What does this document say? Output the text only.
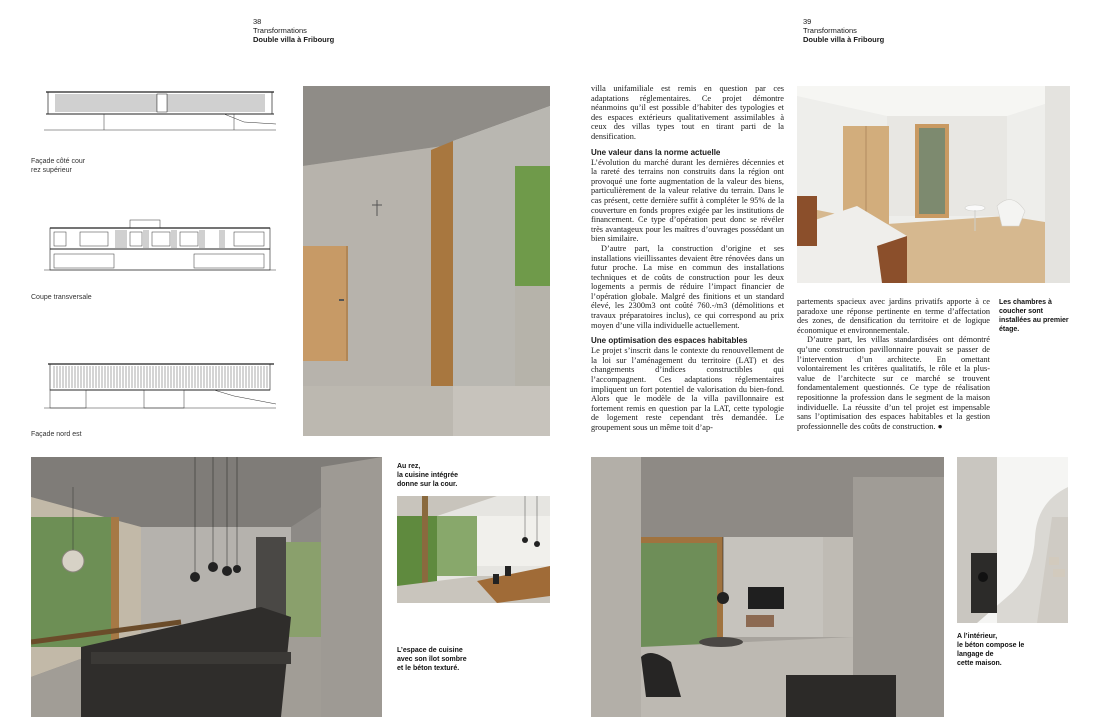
38
Transformations
Double villa à Fribourg
39
Transformations
Double villa à Fribourg
Façade côté cour
rez supérieur
Coupe transversale
Façade nord est
Au rez,
la cuisine intégrée
donne sur la cour.
L’espace de cuisine
avec son îlot sombre
et le béton texturé.

villa unifamiliale est remis en question par ces adaptations réglementaires. Ce projet démontre néanmoins qu’il est possible d’habiter des typologies et des espaces extérieurs qualitativement assimilables à ceux des villas types tout en tirant parti de la densification.

Une valeur dans la norme actuelle

L’évolution du marché durant les dernières décennies et la rareté des terrains non construits dans la région ont provoqué une forte augmentation de la valeur des biens, particulièrement de la valeur relative du terrain. Dans le cas présent, cette dernière suffit à compléter le 95% de la couverture en fonds propres exigée par les institutions de financement. Ce type d’opération peut donc se révéler très avantageux pour les maîtres d’ouvrages possédant un bien similaire.

D’autre part, la construction d’origine et ses installations vieillissantes devaient être rénovées dans un futur proche. La mise en commun des installations techniques et de coûts de construction pour les deux logements a permis de réduire l’impact financier de l’opération globale. Malgré des finitions et un standard élevé, les 2300m3 ont coûté 760.-/m3 (démolitions et travaux préparatoires inclus), ce qui correspond au prix moyen d’une villa individuelle actuellement.

Une optimisation des espaces habitables

Le projet s’inscrit dans le contexte du renouvellement de la loi sur l’aménagement du territoire (LAT) et des changements d’indices constructibles qui l’accompagnent. Ces adaptations réglementaires impliquent un fort potentiel de valorisation du bien-fond. Alors que le modèle de la villa pavillonnaire est fortement remis en question par la LAT, cette typologie de logement reste cependant très demandée. Le groupement sous un même toit d’ap-

Les chambres à
coucher sont
installées au premier
étage.

partements spacieux avec jardins privatifs apporte à ce paradoxe une réponse pertinente en terme d’affectation des zones, de densification du territoire et de logique économique et environnementale.

D’autre part, les villas standardisées ont démontré qu’une construction pavillonnaire pouvait se passer de l’intervention d’un architecte. En omettant volontairement les critères qualitatifs, le rôle et la plus-value de l’architecte sur ce marché se trouvent fondamentalement questionnés. Ce type de réalisation repositionne la profession dans le segment de la maison individuelle. La réussite d’un tel projet est impensable sans l’optimisation des espaces habitables et la gestion professionnelle des coûts de construction. ●

A l’intérieur,
le béton compose le
langage de
cette maison.
